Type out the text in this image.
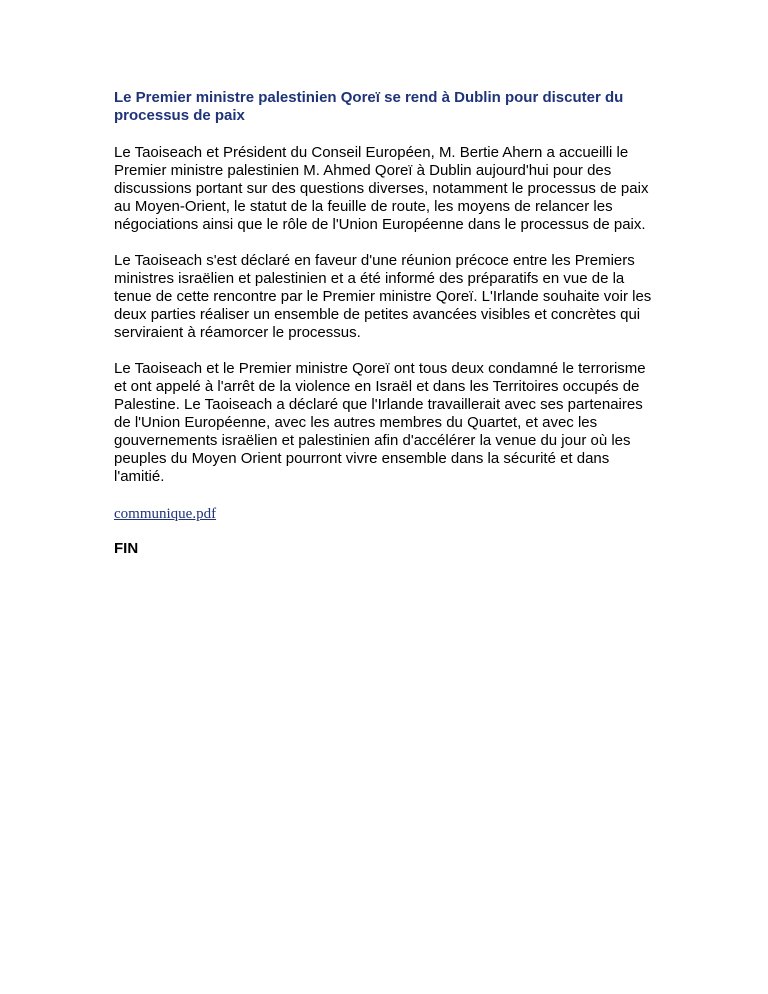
Le Premier ministre palestinien Qoreï se rend à Dublin pour discuter du processus de paix

Le Taoiseach et Président du Conseil Européen, M. Bertie Ahern a accueilli le Premier ministre palestinien M. Ahmed Qoreï à Dublin aujourd'hui pour des discussions portant sur des questions diverses, notamment le processus de paix au Moyen-Orient, le statut de la feuille de route, les moyens de relancer les négociations ainsi que le rôle de l'Union Européenne dans le processus de paix.

Le Taoiseach s'est déclaré en faveur d'une réunion précoce entre les Premiers ministres israëlien et palestinien et a été informé des préparatifs en vue de la tenue de cette rencontre par le Premier ministre Qoreï. L'Irlande souhaite voir les deux parties réaliser un ensemble de petites avancées visibles et concrètes qui serviraient à réamorcer le processus.

Le Taoiseach et le Premier ministre Qoreï ont tous deux condamné le terrorisme et ont appelé à l'arrêt de la violence en Israël et dans les Territoires occupés de Palestine. Le Taoiseach a déclaré que l'Irlande travaillerait avec ses partenaires de l'Union Européenne, avec les autres membres du Quartet, et avec les gouvernements israëlien et palestinien afin d'accélérer la venue du jour où les peuples du Moyen Orient pourront vivre ensemble dans la sécurité et dans l'amitié.

communique.pdf

FIN
